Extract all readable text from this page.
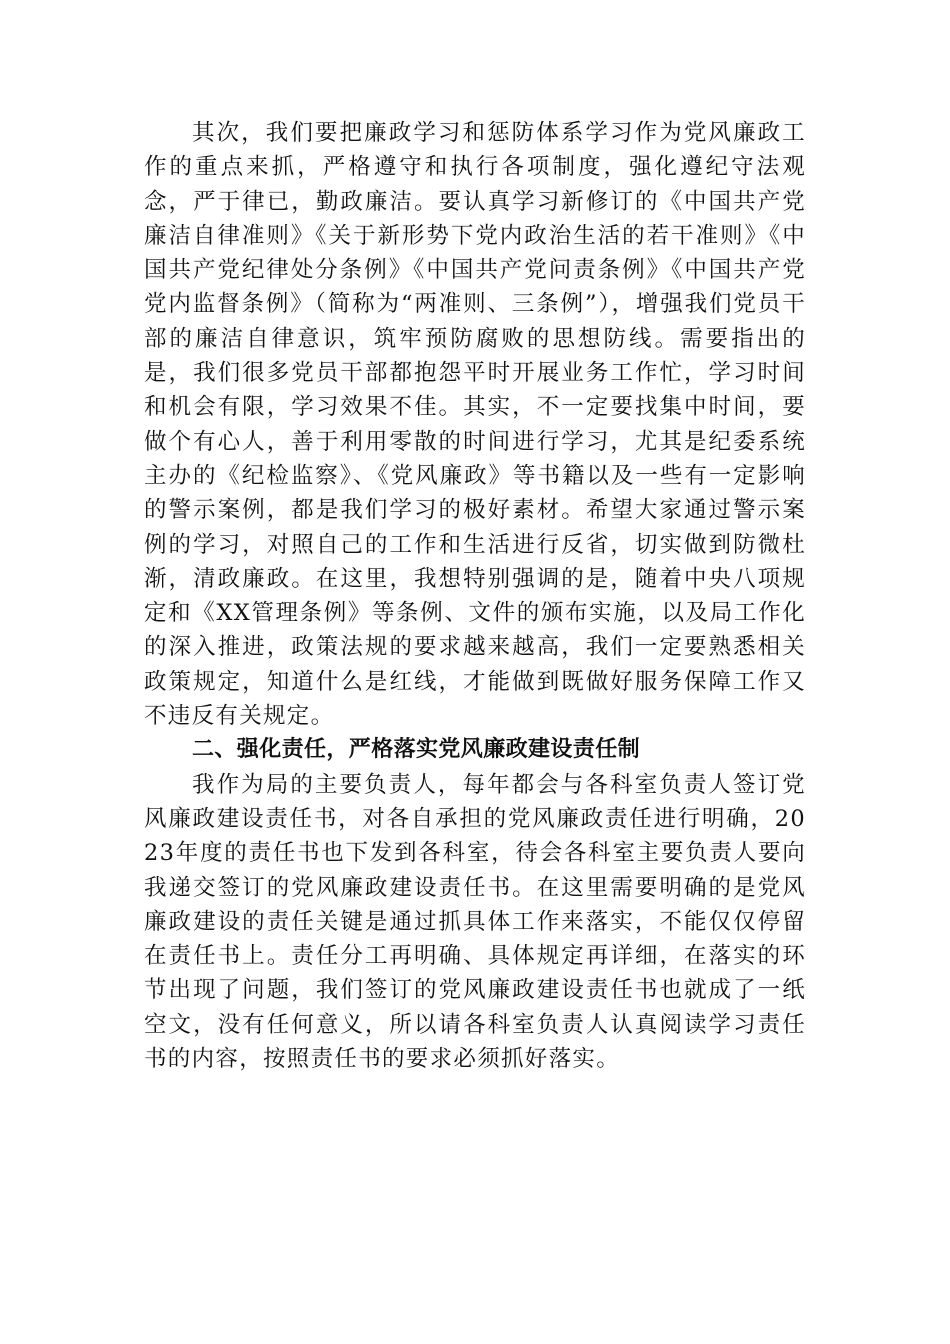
其次，我们要把廉政学习和惩防体系学习作为党风廉政工作的重点来抓，严格遵守和执行各项制度，强化遵纪守法观念，严于律已，勤政廉洁。要认真学习新修订的《中国共产党廉洁自律准则》《关于新形势下党内政治生活的若干准则》《中国共产党纪律处分条例》《中国共产党问责条例》《中国共产党党内监督条例》（简称为“两准则、三条例”），增强我们党员干部的廉洁自律意识，筑牢预防腐败的思想防线。需要指出的是，我们很多党员干部都抱怨平时开展业务工作忙，学习时间和机会有限，学习效果不佳。其实，不一定要找集中时间，要做个有心人，善于利用零散的时间进行学习，尤其是纪委系统主办的《纪检监察》、《党风廉政》等书籍以及一些有一定影响的警示案例，都是我们学习的极好素材。希望大家通过警示案例的学习，对照自己的工作和生活进行反省，切实做到防微杜渐，清政廉政。在这里，我想特别强调的是，随着中央八项规定和《XX管理条例》等条例、文件的颁布实施，以及局工作化的深入推进，政策法规的要求越来越高，我们一定要熟悉相关政策规定，知道什么是红线，才能做到既做好服务保障工作又不违反有关规定。

二、强化责任，严格落实党风廉政建设责任制

我作为局的主要负责人，每年都会与各科室负责人签订党风廉政建设责任书，对各自承担的党风廉政责任进行明确，2023年度的责任书也下发到各科室，待会各科室主要负责人要向我递交签订的党风廉政建设责任书。在这里需要明确的是党风廉政建设的责任关键是通过抓具体工作来落实，不能仅仅停留在责任书上。责任分工再明确、具体规定再详细，在落实的环节出现了问题，我们签订的党风廉政建设责任书也就成了一纸空文，没有任何意义，所以请各科室负责人认真阅读学习责任书的内容，按照责任书的要求必须抓好落实。
